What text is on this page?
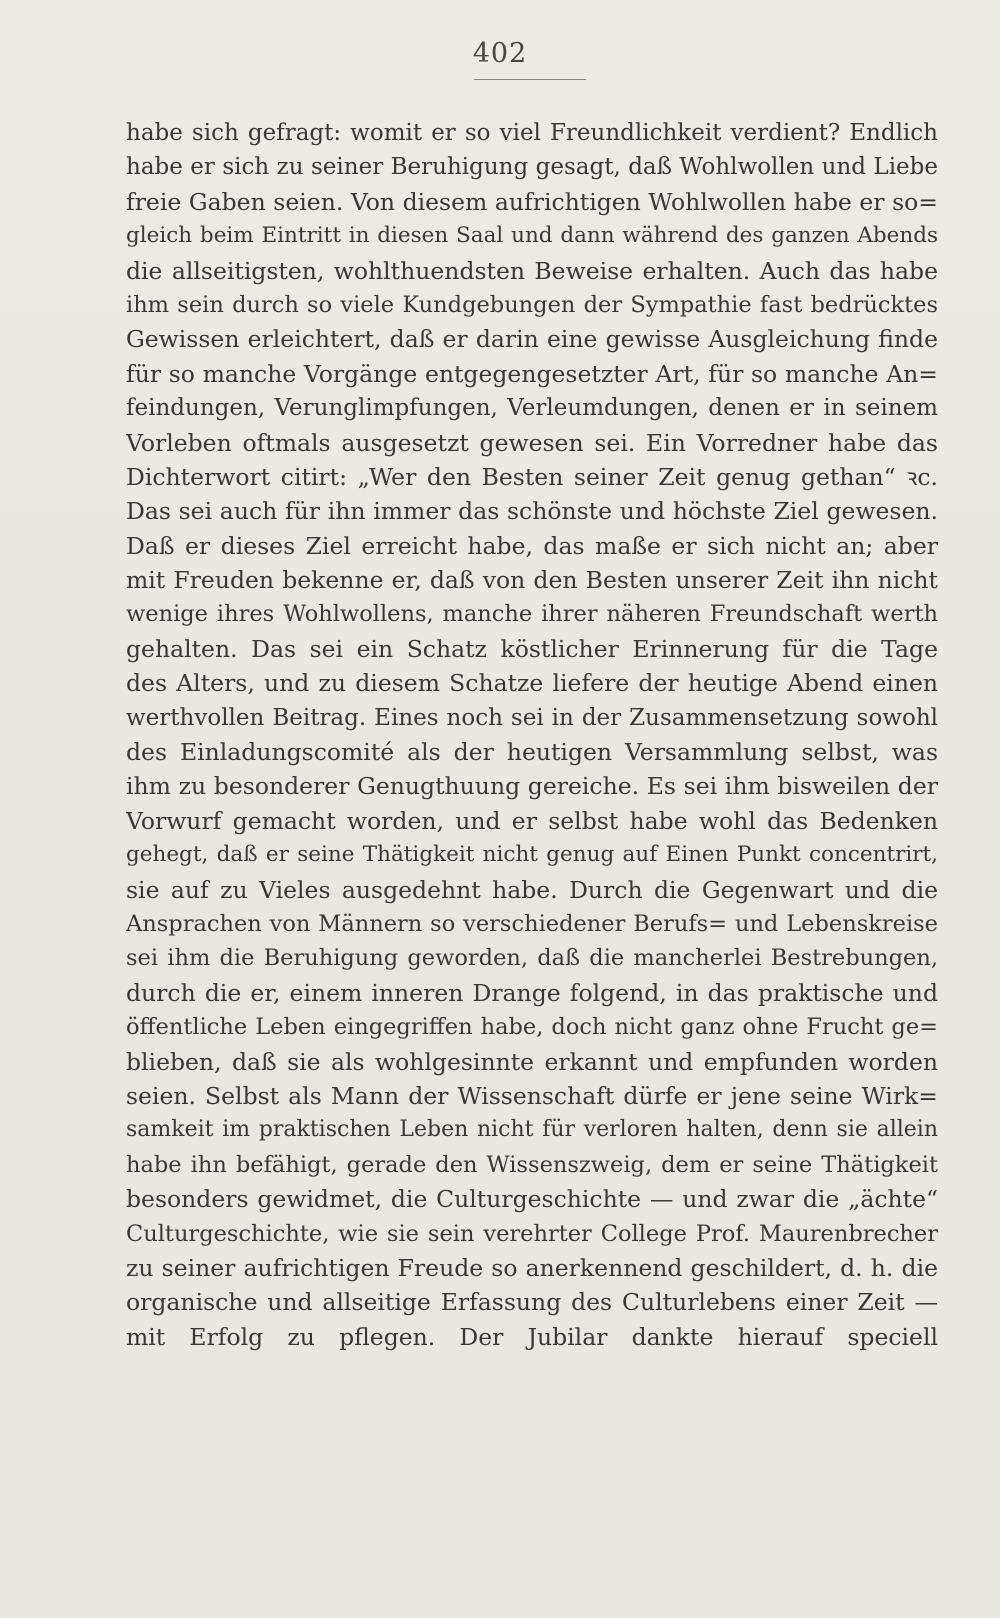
402
habe sich gefragt: womit er so viel Freundlichkeit verdient? Endlich
habe er sich zu seiner Beruhigung gesagt, daß Wohlwollen und Liebe
freie Gaben seien. Von diesem aufrichtigen Wohlwollen habe er so=
gleich beim Eintritt in diesen Saal und dann während des ganzen Abends
die allseitigsten, wohlthuendsten Beweise erhalten. Auch das habe
ihm sein durch so viele Kundgebungen der Sympathie fast bedrücktes
Gewissen erleichtert, daß er darin eine gewisse Ausgleichung finde
für so manche Vorgänge entgegengesetzter Art, für so manche An=
feindungen, Verunglimpfungen, Verleumdungen, denen er in seinem
Vorleben oftmals ausgesetzt gewesen sei. Ein Vorredner habe das
Dichterwort citirt: „Wer den Besten seiner Zeit genug gethan“ ꝛc.
Das sei auch für ihn immer das schönste und höchste Ziel gewesen.
Daß er dieses Ziel erreicht habe, das maße er sich nicht an; aber
mit Freuden bekenne er, daß von den Besten unserer Zeit ihn nicht
wenige ihres Wohlwollens, manche ihrer näheren Freundschaft werth
gehalten. Das sei ein Schatz köstlicher Erinnerung für die Tage
des Alters, und zu diesem Schatze liefere der heutige Abend einen
werthvollen Beitrag. Eines noch sei in der Zusammensetzung sowohl
des Einladungscomité als der heutigen Versammlung selbst, was
ihm zu besonderer Genugthuung gereiche. Es sei ihm bisweilen der
Vorwurf gemacht worden, und er selbst habe wohl das Bedenken
gehegt, daß er seine Thätigkeit nicht genug auf Einen Punkt concentrirt,
sie auf zu Vieles ausgedehnt habe. Durch die Gegenwart und die
Ansprachen von Männern so verschiedener Berufs= und Lebenskreise
sei ihm die Beruhigung geworden, daß die mancherlei Bestrebungen,
durch die er, einem inneren Drange folgend, in das praktische und
öffentliche Leben eingegriffen habe, doch nicht ganz ohne Frucht ge=
blieben, daß sie als wohlgesinnte erkannt und empfunden worden
seien. Selbst als Mann der Wissenschaft dürfe er jene seine Wirk=
samkeit im praktischen Leben nicht für verloren halten, denn sie allein
habe ihn befähigt, gerade den Wissenszweig, dem er seine Thätigkeit
besonders gewidmet, die Culturgeschichte — und zwar die „ächte“
Culturgeschichte, wie sie sein verehrter College Prof. Maurenbrecher
zu seiner aufrichtigen Freude so anerkennend geschildert, d. h. die
organische und allseitige Erfassung des Culturlebens einer Zeit —
mit Erfolg zu pflegen. Der Jubilar dankte hierauf speciell
